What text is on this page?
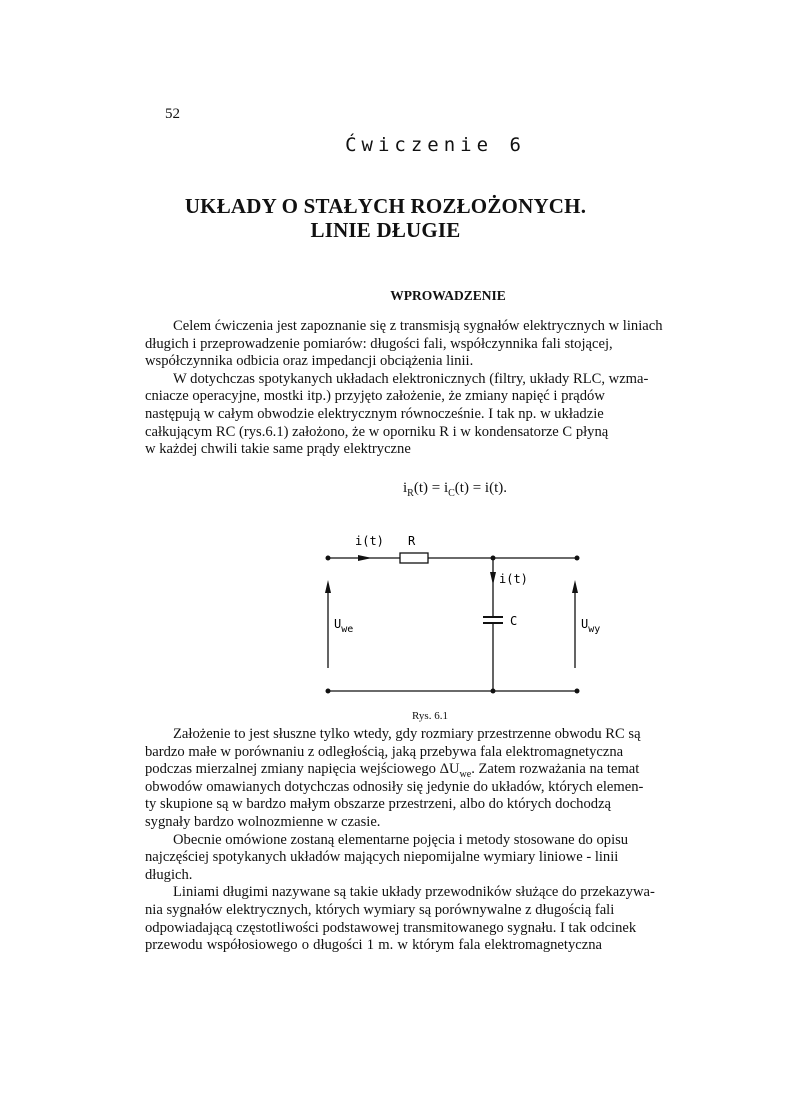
52
Ćwiczenie 6
UKŁADY O STAŁYCH ROZŁOŻONYCH.
LINIE DŁUGIE
WPROWADZENIE
Celem ćwiczenia jest zapoznanie się z transmisją sygnałów elektrycznych w liniach
długich i przeprowadzenie pomiarów: długości fali, współczynnika fali stojącej,
współczynnika odbicia oraz impedancji obciążenia linii.
W dotychczas spotykanych układach elektronicznych (filtry, układy RLC, wzma-
cniacze operacyjne, mostki itp.) przyjęto założenie, że zmiany napięć i prądów
następują w całym obwodzie elektrycznym równocześnie. I tak np. w układzie
całkującym RC (rys.6.1) założono, że w oporniku R i w kondensatorze C płyną
w każdej chwili takie same prądy elektryczne
$i_R(t) = i_C(t) = i(t)$.
i(t) R
i(t)
C
$U_{we}$	$U_{wy}$
Rys. 6.1
Założenie to jest słuszne tylko wtedy, gdy rozmiary przestrzenne obwodu RC są
bardzo małe w porównaniu z odległością, jaką przebywa fala elektromagnetyczna
podczas mierzalnej zmiany napięcia wejściowego $\Delta U_{we}$. Zatem rozważania na temat
obwodów omawianych dotychczas odnosiły się jedynie do układów, których elemen-
ty skupione są w bardzo małym obszarze przestrzeni, albo do których dochodzą
sygnały bardzo wolnozmienne w czasie.
Obecnie omówione zostaną elementarne pojęcia i metody stosowane do opisu
najczęściej spotykanych układów mających niepomijalne wymiary liniowe - linii
długich.
Liniami długimi nazywane są takie układy przewodników służące do przekazywa-
nia sygnałów elektrycznych, których wymiary są porównywalne z długością fali
odpowiadającą częstotliwości podstawowej transmitowanego sygnału. I tak odcinek
przewodu współosiowego o długości 1 m. w którym fala elektromagnetyczna
